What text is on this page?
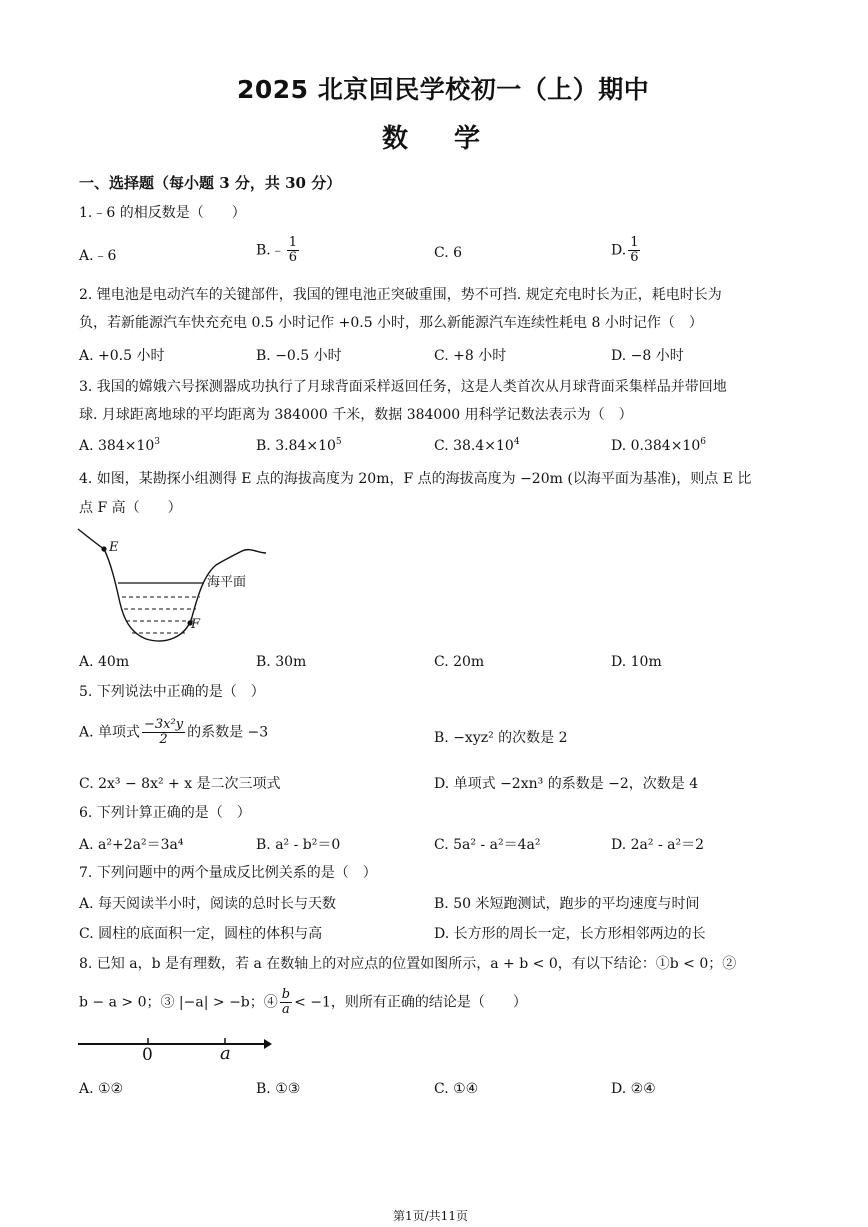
2025 北京回民学校初一（上）期中
数学
一、选择题（每小题 3 分，共 30 分）
1.﹣6 的相反数是（　　）
A.﹣6	B.﹣ $\frac{1}{6}$	C. 6	D. $\frac{1}{6}$
2. 锂电池是电动汽车的关键部件，我国的锂电池正突破重围，势不可挡. 规定充电时长为正，耗电时长为
负，若新能源汽车快充充电 0.5 小时记作 +0.5 小时，那么新能源汽车连续性耗电 8 小时记作（　）
A. +0.5 小时	B. −0.5 小时	C. +8 小时	D. −8 小时
3. 我国的嫦娥六号探测器成功执行了月球背面采样返回任务，这是人类首次从月球背面采集样品并带回地
球. 月球距离地球的平均距离为 384000 千米，数据 384000 用科学记数法表示为（　）
A. $384\times 10^3$	B. $3.84\times 10^5$	C. $38.4\times 10^4$	D. $0.384\times 10^6$
4. 如图，某勘探小组测得 E 点的海拔高度为 20m，F 点的海拔高度为 −20m (以海平面为基准)，则点 E 比
点 F 高（　　）
E
海平面
F
A. 40m	B. 30m	C. 20m	D. 10m
5. 下列说法中正确的是（　）
A. 单项式 $\frac{\text{−3x²y}}{2}$ 的系数是 −3	B. −xyz² 的次数是 2
C. 2x³ − 8x² + x 是二次三项式	D. 单项式 −2xn³ 的系数是 −2，次数是 4
6. 下列计算正确的是（　）
A. a²+2a²＝3a⁴	B. a² - b²＝0	C. 5a² - a²＝4a²	D. 2a² - a²＝2
7. 下列问题中的两个量成反比例关系的是（　）
A. 每天阅读半小时，阅读的总时长与天数	B. 50 米短跑测试，跑步的平均速度与时间
C. 圆柱的底面积一定，圆柱的体积与高	D. 长方形的周长一定，长方形相邻两边的长
8. 已知 a，b 是有理数，若 a 在数轴上的对应点的位置如图所示，a + b < 0，有以下结论：①b < 0；②
b − a > 0；③ |−a| > −b；④ $\frac{b}{a} < -1$，则所有正确的结论是（　　）
0	a
A. ①②	B. ①③	C. ①④	D. ②④
第1页/共11页
